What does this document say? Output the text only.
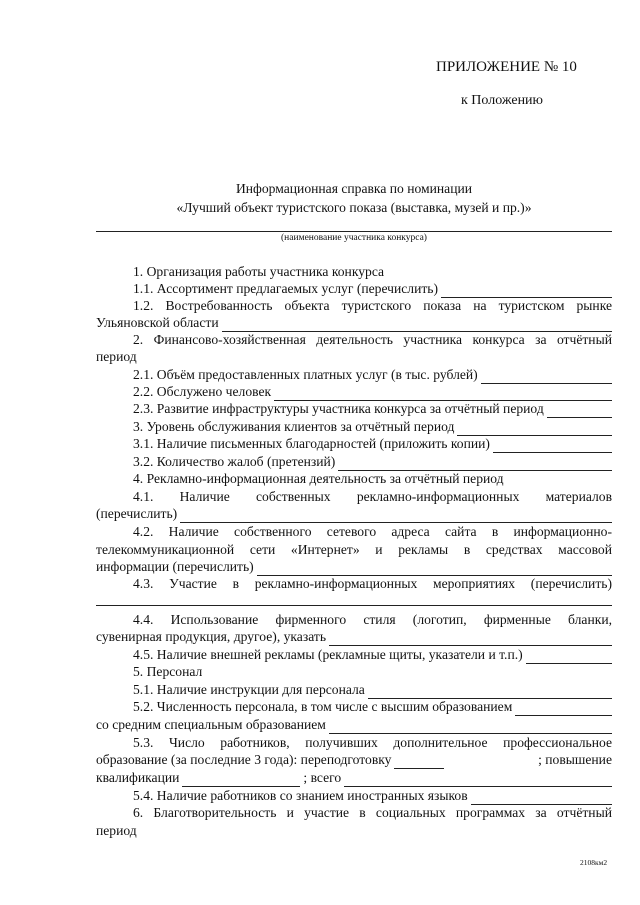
ПРИЛОЖЕНИЕ № 10
к Положению
Информационная справка по номинации
«Лучший объект туристского показа (выставка, музей и пр.)»
(наименование участника конкурса)
1. Организация работы участника конкурса
1.1. Ассортимент предлагаемых услуг (перечислить)
1.2. Востребованность объекта туристского показа на туристском рынке
Ульяновской области
2. Финансово-хозяйственная деятельность участника конкурса за отчётный
период
2.1. Объём предоставленных платных услуг (в тыс. рублей)
2.2. Обслужено человек
2.3. Развитие инфраструктуры участника конкурса за отчётный период
3. Уровень обслуживания клиентов за отчётный период
3.1. Наличие письменных благодарностей (приложить копии)
3.2. Количество жалоб (претензий)
4. Рекламно-информационная деятельность за отчётный период
4.1. Наличие собственных рекламно-информационных материалов
(перечислить)
4.2. Наличие собственного сетевого адреса сайта в информационно-
телекоммуникационной сети «Интернет» и рекламы в средствах массовой
информации (перечислить)
4.3. Участие в рекламно-информационных мероприятиях (перечислить)
4.4. Использование фирменного стиля (логотип, фирменные бланки,
сувенирная продукция, другое), указать
4.5. Наличие внешней рекламы (рекламные щиты, указатели и т.п.)
5. Персонал
5.1. Наличие инструкции для персонала
5.2. Численность персонала, в том числе с высшим образованием
со средним специальным образованием
5.3. Число работников, получивших дополнительное профессиональное
образование (за последние 3 года): переподготовку	; повышение
квалификации	; всего
5.4. Наличие работников со знанием иностранных языков
6. Благотворительность и участие в социальных программах за отчётный
период
2108км2
